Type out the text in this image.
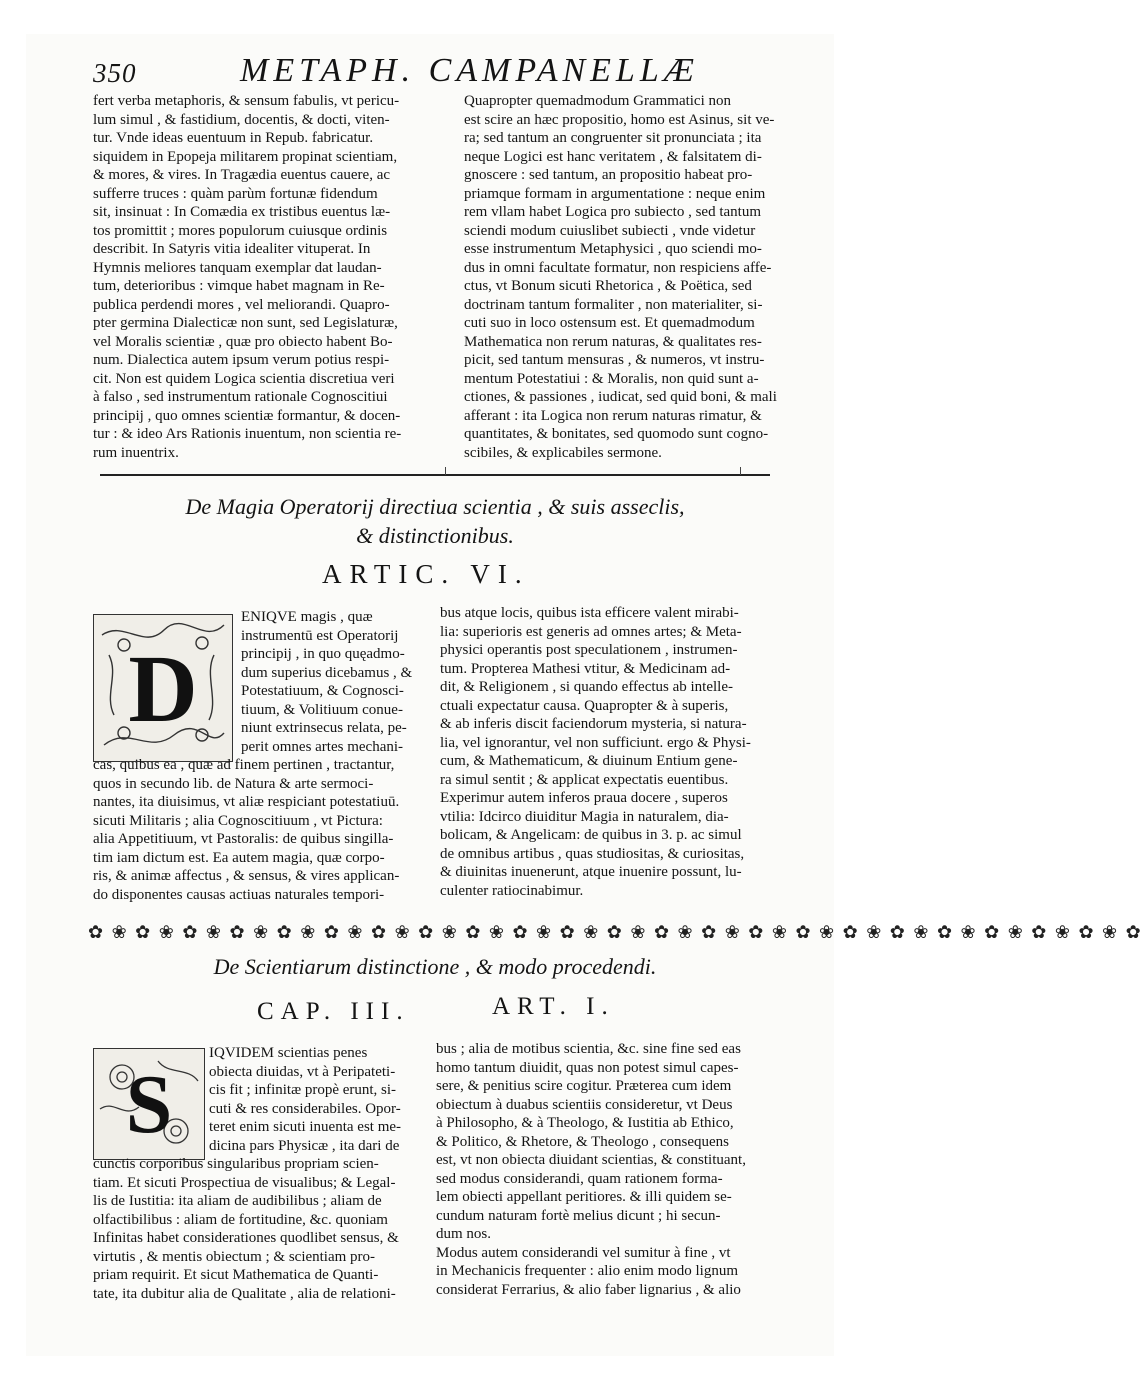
350	METAPH. CAMPANELLÆ
fert verba metaphoris, & sensum fabulis, vt pericu-
lum simul , & fastidium, docentis, & docti, viten-
tur. Vnde ideas euentuum in Repub. fabricatur.
siquidem in Epopeja militarem propinat scientiam,
& mores, & vires. In Tragædia euentus cauere, ac
sufferre truces : quàm parùm fortunæ fidendum
sit, insinuat : In Comædia ex tristibus euentus læ-
tos promittit ; mores populorum cuiusque ordinis
describit. In Satyris vitia idealiter vituperat. In
Hymnis meliores tanquam exemplar dat laudan-
tum, deterioribus : vimque habet magnam in Re-
publica perdendi mores , vel meliorandi. Quapro-
pter germina Dialecticæ non sunt, sed Legislaturæ,
vel Moralis scientiæ , quæ pro obiecto habent Bo-
num. Dialectica autem ipsum verum potius respi-
cit. Non est quidem Logica scientia discretiua veri
à falso , sed instrumentum rationale Cognoscitiui
principij , quo omnes scientiæ formantur, & docen-
tur : & ideo Ars Rationis inuentum, non scientia re-
rum inuentrix.
Quapropter quemadmodum Grammatici non
est scire an hæc propositio, homo est Asinus, sit ve-
ra; sed tantum an congruenter sit pronunciata ; ita
neque Logici est hanc veritatem , & falsitatem di-
gnoscere : sed tantum, an propositio habeat pro-
priamque formam in argumentatione : neque enim
rem vllam habet Logica pro subiecto , sed tantum
sciendi modum cuiuslibet subiecti , vnde videtur
esse instrumentum Metaphysici , quo sciendi mo-
dus in omni facultate formatur, non respiciens affe-
ctus, vt Bonum sicuti Rhetorica , & Poëtica, sed
doctrinam tantum formaliter , non materialiter, si-
cuti suo in loco ostensum est. Et quemadmodum
Mathematica non rerum naturas, & qualitates res-
picit, sed tantum mensuras , & numeros, vt instru-
mentum Potestatiui : & Moralis, non quid sunt a-
ctiones, & passiones , iudicat, sed quid boni, & mali
afferant : ita Logica non rerum naturas rimatur, &
quantitates, & bonitates, sed quomodo sunt cogno-
scibiles, & explicabiles sermone.
De Magia Operatorij directiua scientia , & suis asseclis,
& distinctionibus.
ARTIC. VI.
D
ENIQVE magis , quæ
instrumentū est Operatorij
principij , in quo quęadmo-
dum superius dicebamus , &
Potestatiuum, & Cognosci-
tiuum, & Volitiuum conue-
niunt extrinsecus relata, pe-
perit omnes artes mechani-
cas, quibus ea , quæ ad finem pertinen , tractantur,
quos in secundo lib. de Natura & arte sermoci-
nantes, ita diuisimus, vt aliæ respiciant potestatiuū.
sicuti Militaris ; alia Cognoscitiuum , vt Pictura:
alia Appetitiuum, vt Pastoralis: de quibus singilla-
tim iam dictum est. Ea autem magia, quæ corpo-
ris, & animæ affectus , & sensus, & vires applican-
do disponentes causas actiuas naturales tempori-
bus atque locis, quibus ista efficere valent mirabi-
lia: superioris est generis ad omnes artes; & Meta-
physici operantis post speculationem , instrumen-
tum. Propterea Mathesi vtitur, & Medicinam ad-
dit, & Religionem , si quando effectus ab intelle-
ctuali expectatur causa. Quapropter & à superis,
& ab inferis discit faciendorum mysteria, si natura-
lia, vel ignorantur, vel non sufficiunt. ergo & Physi-
cum, & Mathematicum, & diuinum Entium gene-
ra simul sentit ; & applicat expectatis euentibus.
Experimur autem inferos praua docere , superos
vtilia: Idcirco diuiditur Magia in naturalem, dia-
bolicam, & Angelicam: de quibus in 3. p. ac simul
de omnibus artibus , quas studiositas, & curiositas,
& diuinitas inuenerunt, atque inuenire possunt, lu-
culenter ratiocinabimur.
✿ ❀ ✿ ❀ ✿ ❀ ✿ ❀ ✿ ❀ ✿ ❀ ✿ ❀ ✿ ❀ ✿ ❀ ✿ ❀ ✿ ❀ ✿ ❀ ✿ ❀ ✿ ❀ ✿ ❀ ✿ ❀ ✿ ❀ ✿ ❀ ✿ ❀ ✿ ❀ ✿ ❀ ✿ ❀ ✿
De Scientiarum distinctione , & modo procedendi.
CAP. III.	ART. I.
S
IQVIDEM scientias penes
obiecta diuidas, vt à Peripateti-
cis fit ; infinitæ propè erunt, si-
cuti & res considerabiles. Opor-
teret enim sicuti inuenta est me-
dicina pars Physicæ , ita dari de
cunctis corporibus singularibus propriam scien-
tiam. Et sicuti Prospectiua de visualibus; & Legal-
lis de Iustitia: ita aliam de audibilibus ; aliam de
olfactibilibus : aliam de fortitudine, &c. quoniam
Infinitas habet considerationes quodlibet sensus, &
virtutis , & mentis obiectum ; & scientiam pro-
priam requirit. Et sicut Mathematica de Quanti-
tate, ita dubitur alia de Qualitate , alia de relationi-
bus ; alia de motibus scientia, &c. sine fine sed eas
homo tantum diuidit, quas non potest simul capes-
sere, & penitius scire cogitur. Præterea cum idem
obiectum à duabus scientiis consideretur, vt Deus
à Philosopho, & à Theologo, & Iustitia ab Ethico,
& Politico, & Rhetore, & Theologo , consequens
est, vt non obiecta diuidant scientias, & constituant,
sed modus considerandi, quam rationem forma-
lem obiecti appellant peritiores. & illi quidem se-
cundum naturam fortè melius dicunt ; hi secun-
dum nos.
Modus autem considerandi vel sumitur à fine , vt
in Mechanicis frequenter : alio enim modo lignum
considerat Ferrarius, & alio faber lignarius , & alio
